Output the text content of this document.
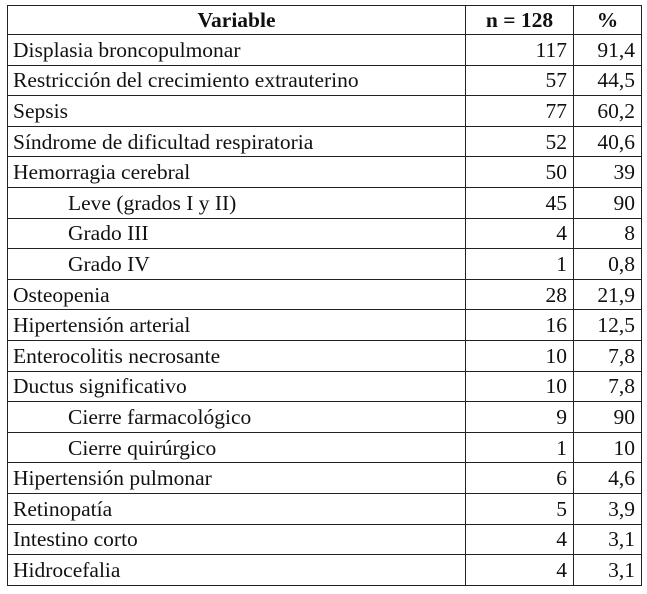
Variable	n = 128	%
Displasia broncopulmonar	117	91,4
Restricción del crecimiento extrauterino	57	44,5
Sepsis	77	60,2
Síndrome de dificultad respiratoria	52	40,6
Hemorragia cerebral	50	39
Leve (grados I y II)	45	90
Grado III	4	8
Grado IV	1	0,8
Osteopenia	28	21,9
Hipertensión arterial	16	12,5
Enterocolitis necrosante	10	7,8
Ductus significativo	10	7,8
Cierre farmacológico	9	90
Cierre quirúrgico	1	10
Hipertensión pulmonar	6	4,6
Retinopatía	5	3,9
Intestino corto	4	3,1
Hidrocefalia	4	3,1
